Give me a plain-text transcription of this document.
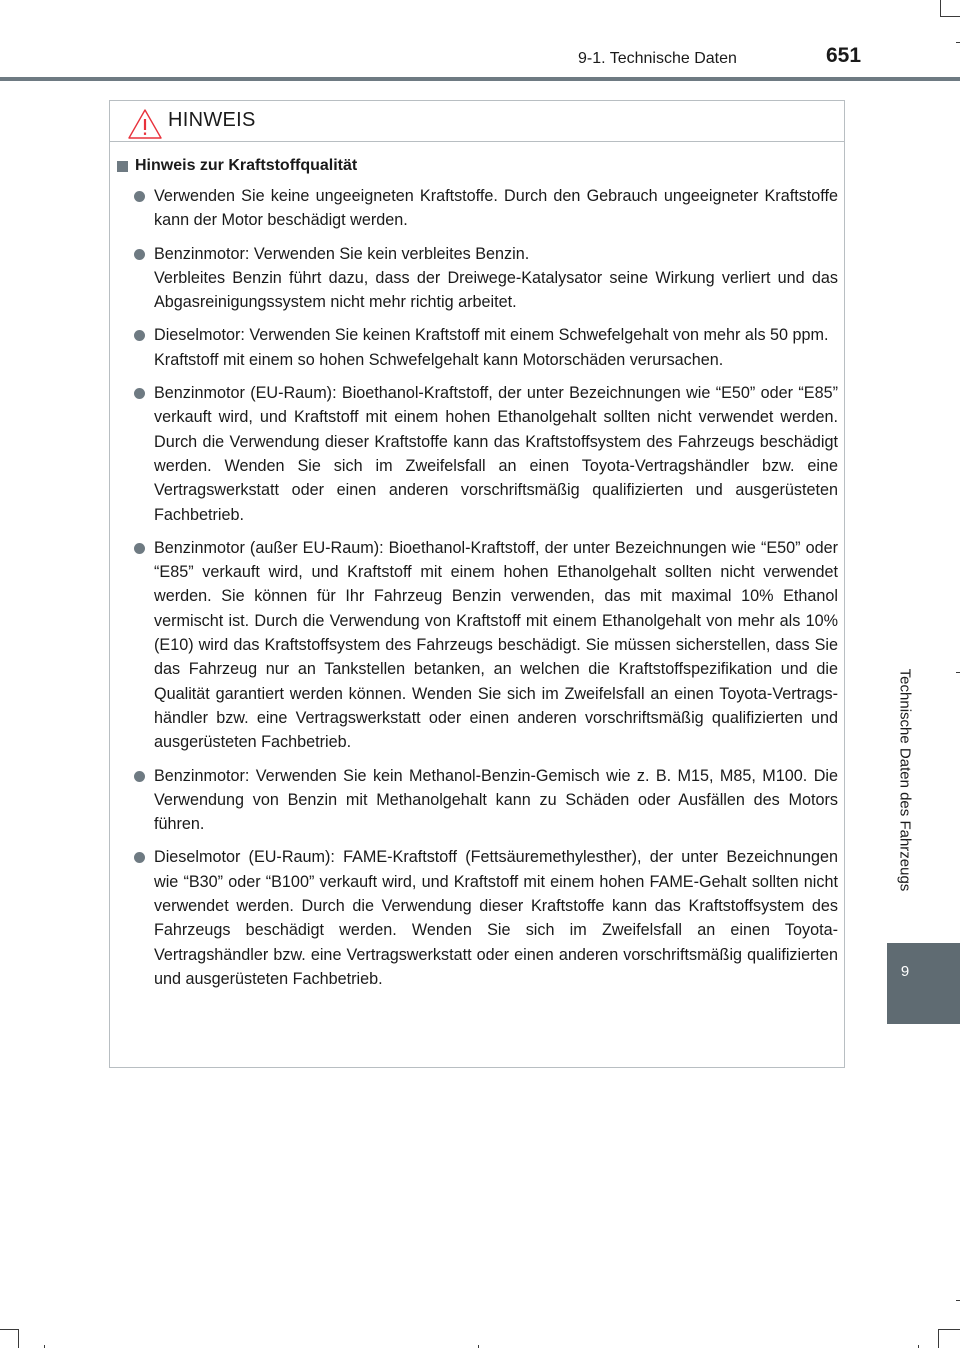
9-1. Technische Daten	651
Technische Daten des Fahrzeugs
9
HINWEIS
Hinweis zur Kraftstoffqualität

Verwenden Sie keine ungeeigneten Kraftstoffe. Durch den Gebrauch ungeeigneter Kraftstoffe kann der Motor beschädigt werden.

Benzinmotor: Verwenden Sie kein verbleites Benzin.

Verbleites Benzin führt dazu, dass der Dreiwege-Katalysator seine Wirkung verliert und das Abgasreinigungssystem nicht mehr richtig arbeitet.

Dieselmotor: Verwenden Sie keinen Kraftstoff mit einem Schwefelgehalt von mehr als 50 ppm.

Kraftstoff mit einem so hohen Schwefelgehalt kann Motorschäden verursachen.

Benzinmotor (EU-Raum): Bioethanol-Kraftstoff, der unter Bezeichnungen wie “E50” oder “E85” verkauft wird, und Kraftstoff mit einem hohen Ethanolgehalt sollten nicht verwendet werden. Durch die Verwendung dieser Kraftstoffe kann das Kraftstoffsystem des Fahrzeugs beschädigt werden. Wenden Sie sich im Zweifelsfall an einen Toyota-Vertragshändler bzw. eine Vertragswerkstatt oder einen anderen vorschriftsmäßig qualifizierten und ausgerüsteten Fachbetrieb.

Benzinmotor (außer EU-Raum): Bioethanol-Kraftstoff, der unter Bezeichnungen wie “E50” oder “E85” verkauft wird, und Kraftstoff mit einem hohen Ethanolgehalt sollten nicht verwendet werden. Sie können für Ihr Fahrzeug Benzin verwenden, das mit maximal 10% Ethanol vermischt ist. Durch die Verwendung von Kraftstoff mit einem Ethanolgehalt von mehr als 10% (E10) wird das Kraftstoffsystem des Fahrzeugs beschädigt. Sie müssen sicherstellen, dass Sie das Fahrzeug nur an Tankstellen betanken, an welchen die Kraftstoffspezifikation und die Qualität garantiert werden können. Wenden Sie sich im Zweifelsfall an einen Toyota-Vertragshändler bzw. eine Vertragswerkstatt oder einen anderen vorschriftsmäßig qualifizierten und ausgerüsteten Fachbetrieb.

Benzinmotor: Verwenden Sie kein Methanol-Benzin-Gemisch wie z. B. M15, M85, M100. Die Verwendung von Benzin mit Methanolgehalt kann zu Schäden oder Ausfällen des Motors führen.

Dieselmotor (EU-Raum): FAME-Kraftstoff (Fettsäuremethylesther), der unter Bezeichnungen wie “B30” oder “B100” verkauft wird, und Kraftstoff mit einem hohen FAME-Gehalt sollten nicht verwendet werden. Durch die Verwendung dieser Kraftstoffe kann das Kraftstoffsystem des Fahrzeugs beschädigt werden. Wenden Sie sich im Zweifelsfall an einen Toyota-Vertragshändler bzw. eine Vertragswerkstatt oder einen anderen vorschriftsmäßig qualifizierten und ausgerüsteten Fachbetrieb.
